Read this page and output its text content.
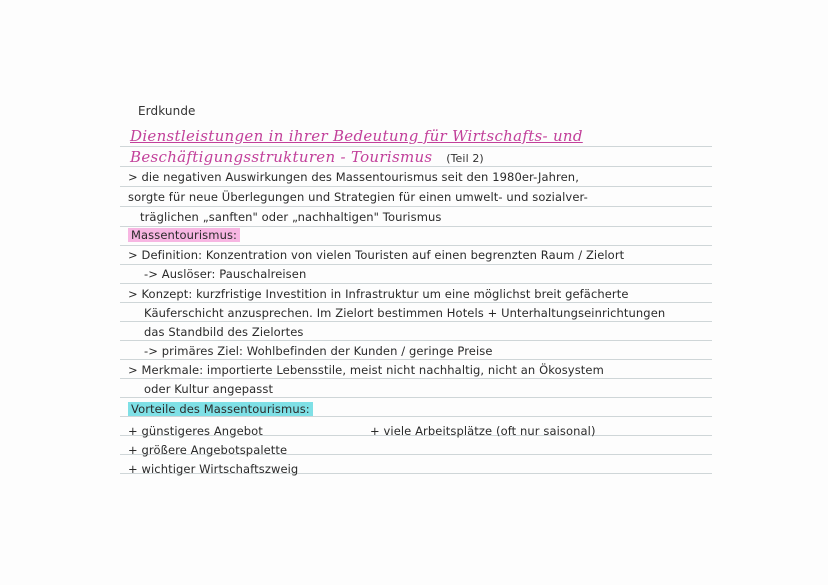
Erdkunde
Dienstleistungen in ihrer Bedeutung für Wirtschafts- und
Beschäftigungsstrukturen - Tourismus (Teil 2)
> die negativen Auswirkungen des Massentourismus seit den 1980er-Jahren,
sorgte für neue Überlegungen und Strategien für einen umwelt- und sozialver-
träglichen „sanften" oder „nachhaltigen" Tourismus
Massentourismus:
> Definition: Konzentration von vielen Touristen auf einen begrenzten Raum / Zielort
-> Auslöser: Pauschalreisen
> Konzept: kurzfristige Investition in Infrastruktur um eine möglichst breit gefächerte
Käuferschicht anzusprechen. Im Zielort bestimmen Hotels + Unterhaltungseinrichtungen
das Standbild des Zielortes
-> primäres Ziel: Wohlbefinden der Kunden / geringe Preise
> Merkmale: importierte Lebensstile, meist nicht nachhaltig, nicht an Ökosystem
oder Kultur angepasst
Vorteile des Massentourismus:
+ günstigeres Angebot	+ viele Arbeitsplätze (oft nur saisonal)
+ größere Angebotspalette
+ wichtiger Wirtschaftszweig
